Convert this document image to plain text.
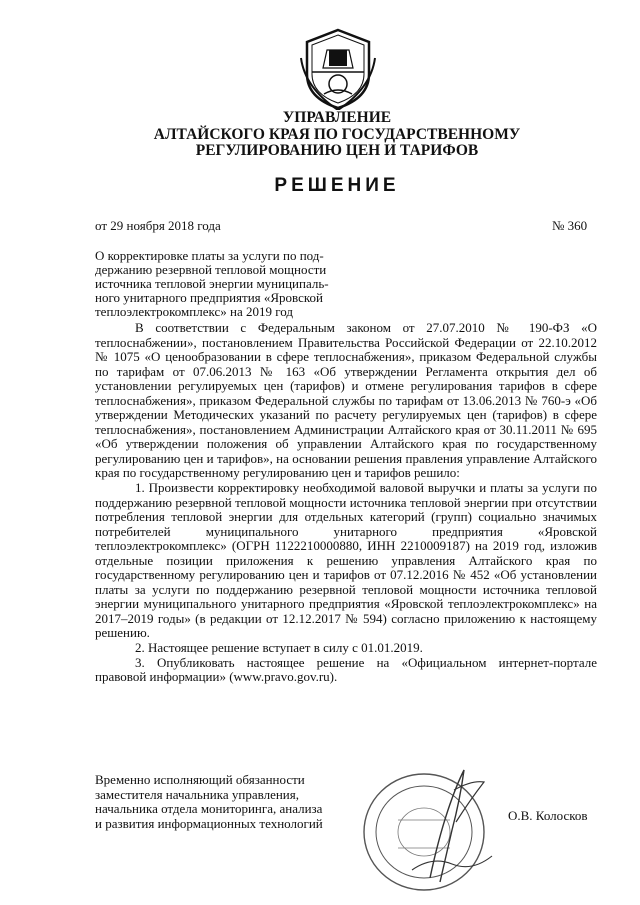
УПРАВЛЕНИЕ
АЛТАЙСКОГО КРАЯ ПО ГОСУДАРСТВЕННОМУ
РЕГУЛИРОВАНИЮ ЦЕН И ТАРИФОВ
РЕШЕНИЕ
от 29 ноября 2018 года	№ 360
О корректировке платы за услуги по под-
держанию резервной тепловой мощности
источника тепловой энергии муниципаль-
ного унитарного предприятия «Яровской
теплоэлектрокомплекс» на 2019 год

В соответствии с Федеральным законом от 27.07.2010 № 190-ФЗ «О теплоснабжении», постановлением Правительства Российской Федерации от 22.10.2012 № 1075 «О ценообразовании в сфере теплоснабжения», приказом Федеральной службы по тарифам от 07.06.2013 № 163 «Об утверждении Регламента открытия дел об установлении регулируемых цен (тарифов) и отмене регулирования тарифов в сфере теплоснабжения», приказом Федеральной службы по тарифам от 13.06.2013 № 760-э «Об утверждении Методических указаний по расчету регулируемых цен (тарифов) в сфере теплоснабжения», постановлением Администрации Алтайского края от 30.11.2011 № 695 «Об утверждении положения об управлении Алтайского края по государственному регулированию цен и тарифов», на основании решения правления управление Алтайского края по государственному регулированию цен и тарифов решило:

1. Произвести корректировку необходимой валовой выручки и платы за услуги по поддержанию резервной тепловой мощности источника тепловой энергии при отсутствии потребления тепловой энергии для отдельных категорий (групп) социально значимых потребителей муниципального унитарного предприятия «Яровской теплоэлектрокомплекс» (ОГРН 1122210000880, ИНН 2210009187) на 2019 год, изложив отдельные позиции приложения к решению управления Алтайского края по государственному регулированию цен и тарифов от 07.12.2016 № 452 «Об установлении платы за услуги по поддержанию резервной тепловой мощности источника тепловой энергии муниципального унитарного предприятия «Яровской теплоэлектрокомплекс» на 2017–2019 годы» (в редакции от 12.12.2017 № 594) согласно приложению к настоящему решению.

2. Настоящее решение вступает в силу с 01.01.2019.

3. Опубликовать настоящее решение на «Официальном интернет-портале правовой информации» (www.pravo.gov.ru).

Временно исполняющий обязанности
заместителя начальника управления,
начальника отдела мониторинга, анализа
и развития информационных технологий	О.В. Колосков
